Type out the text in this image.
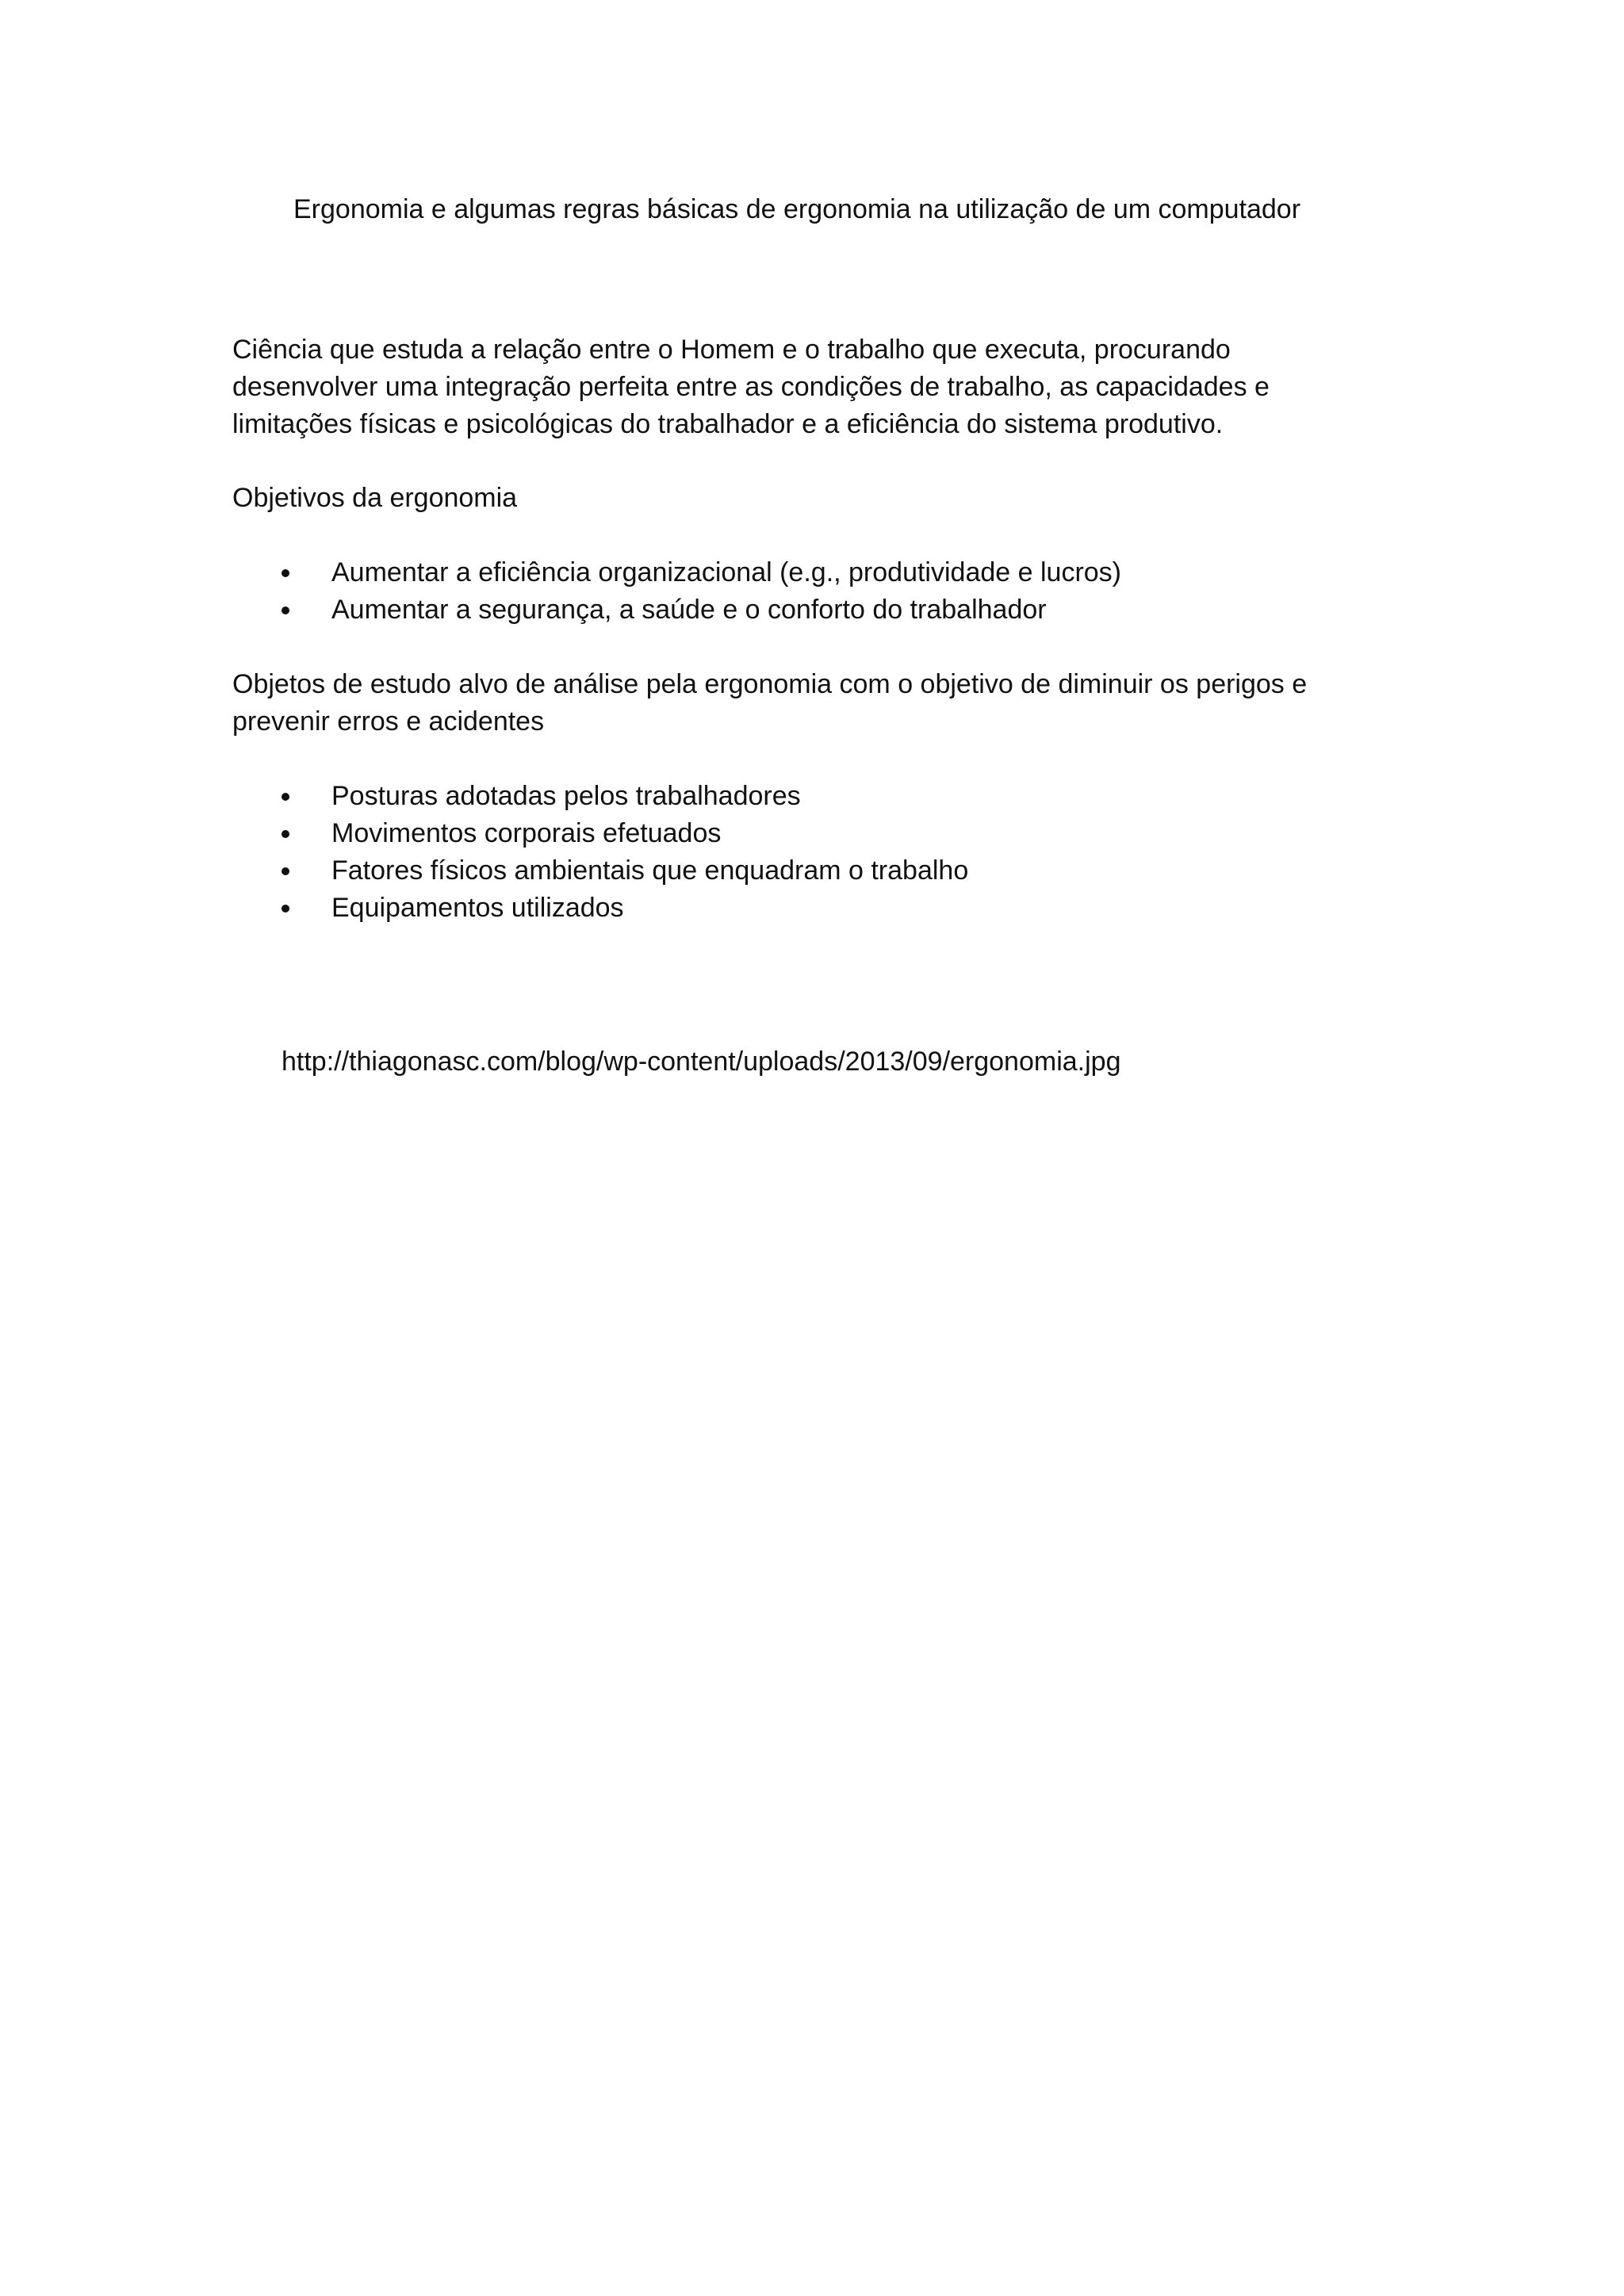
Ergonomia e algumas regras básicas de ergonomia na utilização de um computador

Ciência que estuda a relação entre o Homem e o trabalho que executa, procurando
desenvolver uma integração perfeita entre as condições de trabalho, as capacidades e
limitações físicas e psicológicas do trabalhador e a eficiência do sistema produtivo.

Objetivos da ergonomia

Aumentar a eficiência organizacional (e.g., produtividade e lucros)
Aumentar a segurança, a saúde e o conforto do trabalhador

Objetos de estudo alvo de análise pela ergonomia com o objetivo de diminuir os perigos e
prevenir erros e acidentes

Posturas adotadas pelos trabalhadores
Movimentos corporais efetuados
Fatores físicos ambientais que enquadram o trabalho
Equipamentos utilizados

http://thiagonasc.com/blog/wp-content/uploads/2013/09/ergonomia.jpg
